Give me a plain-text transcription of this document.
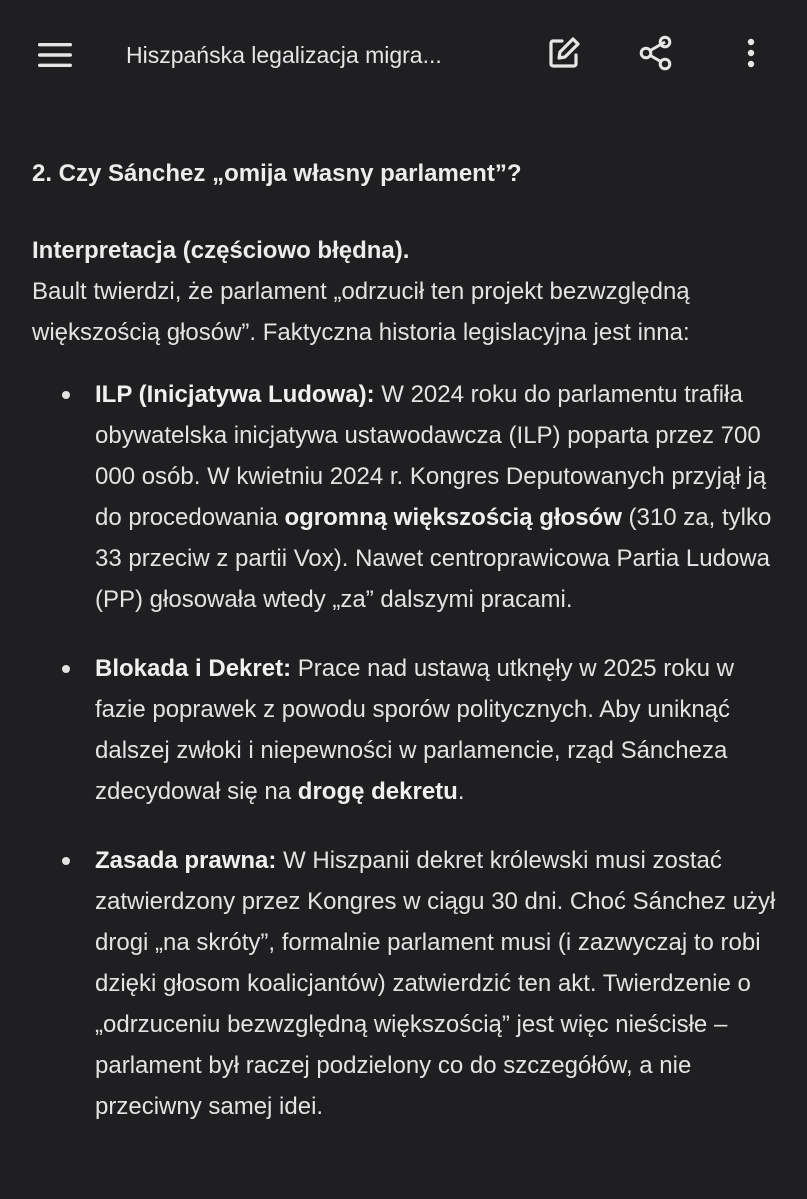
Hiszpańska legalizacja migra...

2. Czy Sánchez „omija własny parlament”?

Interpretacja (częściowo błędna).
Bault twierdzi, że parlament „odrzucił ten projekt bezwzględną większością głosów”. Faktyczna historia legislacyjna jest inna:

ILP (Inicjatywa Ludowa): W 2024 roku do parlamentu trafiła obywatelska inicjatywa ustawodawcza (ILP) poparta przez 700 000 osób. W kwietniu 2024 r. Kongres Deputowanych przyjął ją do procedowania ogromną większością głosów (310 za, tylko 33 przeciw z partii Vox). Nawet centroprawicowa Partia Ludowa (PP) głosowała wtedy „za” dalszymi pracami.
Blokada i Dekret: Prace nad ustawą utknęły w 2025 roku w fazie poprawek z powodu sporów politycznych. Aby uniknąć dalszej zwłoki i niepewności w parlamencie, rząd Sáncheza zdecydował się na drogę dekretu.
Zasada prawna: W Hiszpanii dekret królewski musi zostać zatwierdzony przez Kongres w ciągu 30 dni. Choć Sánchez użył drogi „na skróty”, formalnie parlament musi (i zazwyczaj to robi dzięki głosom koalicjantów) zatwierdzić ten akt. Twierdzenie o „odrzuceniu bezwzględną większością” jest więc nieścisłe – parlament był raczej podzielony co do szczegółów, a nie przeciwny samej idei.
